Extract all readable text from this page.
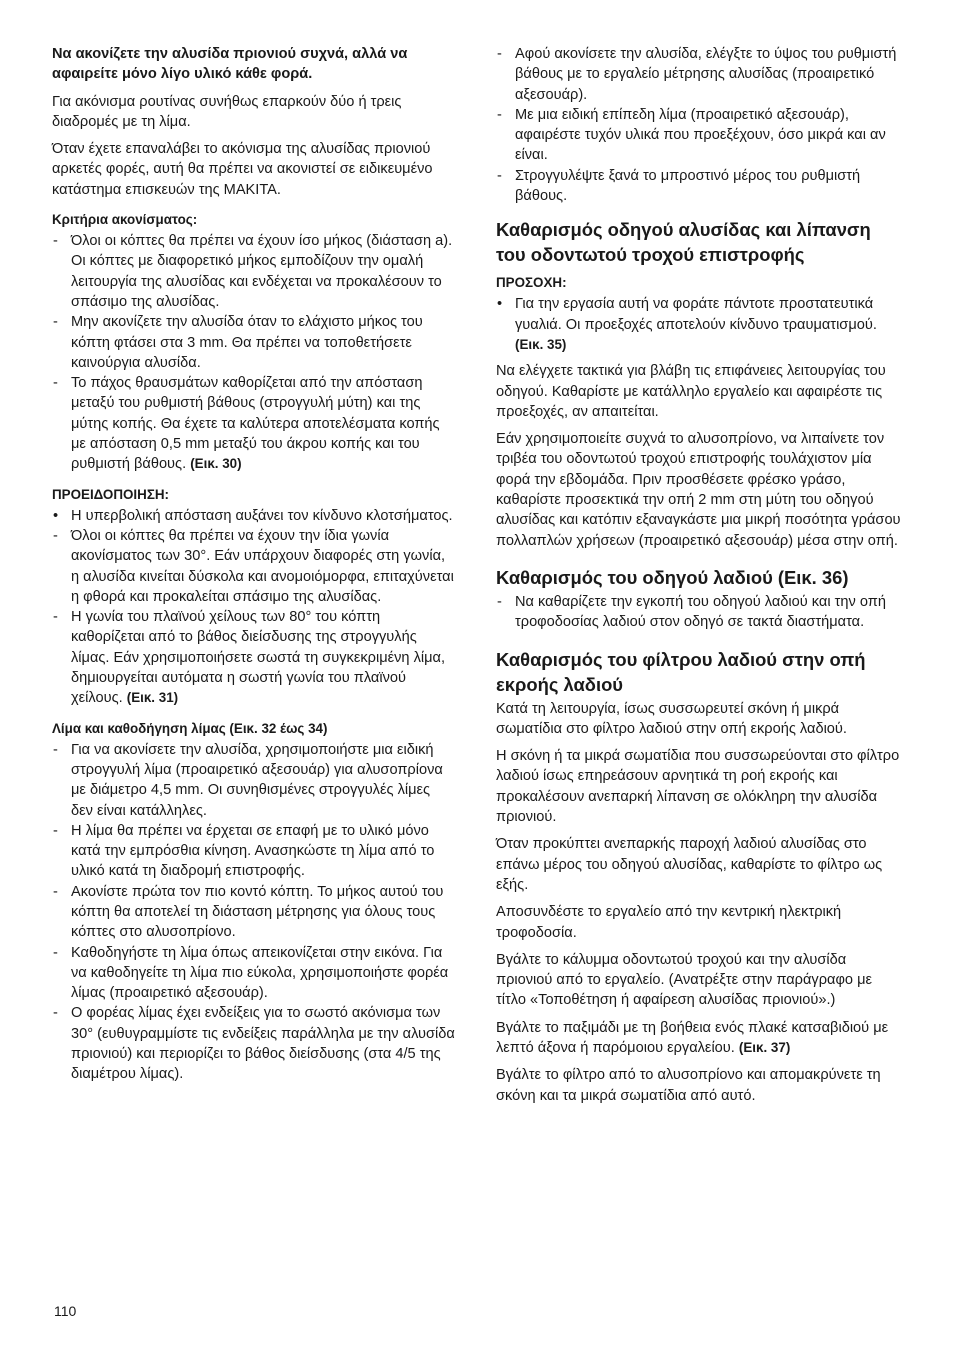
Να ακονίζετε την αλυσίδα πριονιού συχνά, αλλά να αφαιρείτε μόνο λίγο υλικό κάθε φορά.

Για ακόνισμα ρουτίνας συνήθως επαρκούν δύο ή τρεις διαδρομές με τη λίμα.

Όταν έχετε επαναλάβει το ακόνισμα της αλυσίδας πριονιού αρκετές φορές, αυτή θα πρέπει να ακονιστεί σε ειδικευμένο κατάστημα επισκευών της MAKITA.

Κριτήρια ακονίσματος:
- Όλοι οι κόπτες θα πρέπει να έχουν ίσο μήκος (διάσταση a). Οι κόπτες με διαφορετικό μήκος εμποδίζουν την ομαλή λειτουργία της αλυσίδας και ενδέχεται να προκαλέσουν το σπάσιμο της αλυσίδας.
- Μην ακονίζετε την αλυσίδα όταν το ελάχιστο μήκος του κόπτη φτάσει στα 3 mm. Θα πρέπει να τοποθετήσετε καινούργια αλυσίδα.
- Το πάχος θραυσμάτων καθορίζεται από την απόσταση μεταξύ του ρυθμιστή βάθους (στρογγυλή μύτη) και της μύτης κοπής. Θα έχετε τα καλύτερα αποτελέσματα κοπής με απόσταση 0,5 mm μεταξύ του άκρου κοπής και του ρυθμιστή βάθους. (Εικ. 30)
ΠΡΟΕΙΔΟΠΟΙΗΣΗ:
• Η υπερβολική απόσταση αυξάνει τον κίνδυνο κλοτσήματος.
- Όλοι οι κόπτες θα πρέπει να έχουν την ίδια γωνία ακονίσματος των 30°. Εάν υπάρχουν διαφορές στη γωνία, η αλυσίδα κινείται δύσκολα και ανομοιόμορφα, επιταχύνεται η φθορά και προκαλείται σπάσιμο της αλυσίδας.
- Η γωνία του πλαϊνού χείλους των 80° του κόπτη καθορίζεται από το βάθος διείσδυσης της στρογγυλής λίμας. Εάν χρησιμοποιήσετε σωστά τη συγκεκριμένη λίμα, δημιουργείται αυτόματα η σωστή γωνία του πλαϊνού χείλους. (Εικ. 31)
Λίμα και καθοδήγηση λίμας (Εικ. 32 έως 34)
- Για να ακονίσετε την αλυσίδα, χρησιμοποιήστε μια ειδική στρογγυλή λίμα (προαιρετικό αξεσουάρ) για αλυσοπρίονα με διάμετρο 4,5 mm. Οι συνηθισμένες στρογγυλές λίμες δεν είναι κατάλληλες.
- Η λίμα θα πρέπει να έρχεται σε επαφή με το υλικό μόνο κατά την εμπρόσθια κίνηση. Ανασηκώστε τη λίμα από το υλικό κατά τη διαδρομή επιστροφής.
- Ακονίστε πρώτα τον πιο κοντό κόπτη. Το μήκος αυτού του κόπτη θα αποτελεί τη διάσταση μέτρησης για όλους τους κόπτες στο αλυσοπρίονο.
- Καθοδηγήστε τη λίμα όπως απεικονίζεται στην εικόνα. Για να καθοδηγείτε τη λίμα πιο εύκολα, χρησιμοποιήστε φορέα λίμας (προαιρετικό αξεσουάρ).
- Ο φορέας λίμας έχει ενδείξεις για το σωστό ακόνισμα των 30° (ευθυγραμμίστε τις ενδείξεις παράλληλα με την αλυσίδα πριονιού) και περιορίζει το βάθος διείσδυσης (στα 4/5 της διαμέτρου λίμας).
- Αφού ακονίσετε την αλυσίδα, ελέγξτε το ύψος του ρυθμιστή βάθους με το εργαλείο μέτρησης αλυσίδας (προαιρετικό αξεσουάρ).
- Με μια ειδική επίπεδη λίμα (προαιρετικό αξεσουάρ), αφαιρέστε τυχόν υλικά που προεξέχουν, όσο μικρά και αν είναι.
- Στρογγυλέψτε ξανά το μπροστινό μέρος του ρυθμιστή βάθους.
Καθαρισμός οδηγού αλυσίδας και λίπανση του οδοντωτού τροχού επιστροφής
ΠΡΟΣΟΧΗ:
• Για την εργασία αυτή να φοράτε πάντοτε προστατευτικά γυαλιά. Οι προεξοχές αποτελούν κίνδυνο τραυματισμού. (Εικ. 35)

Να ελέγχετε τακτικά για βλάβη τις επιφάνειες λειτουργίας του οδηγού. Καθαρίστε με κατάλληλο εργαλείο και αφαιρέστε τις προεξοχές, αν απαιτείται.

Εάν χρησιμοποιείτε συχνά το αλυσοπρίονο, να λιπαίνετε τον τριβέα του οδοντωτού τροχού επιστροφής τουλάχιστον μία φορά την εβδομάδα. Πριν προσθέσετε φρέσκο γράσο, καθαρίστε προσεκτικά την οπή 2 mm στη μύτη του οδηγού αλυσίδας και κατόπιν εξαναγκάστε μια μικρή ποσότητα γράσου πολλαπλών χρήσεων (προαιρετικό αξεσουάρ) μέσα στην οπή.

Καθαρισμός του οδηγού λαδιού (Εικ. 36)
- Να καθαρίζετε την εγκοπή του οδηγού λαδιού και την οπή τροφοδοσίας λαδιού στον οδηγό σε τακτά διαστήματα.
Καθαρισμός του φίλτρου λαδιού στην οπή εκροής λαδιού

Κατά τη λειτουργία, ίσως συσσωρευτεί σκόνη ή μικρά σωματίδια στο φίλτρο λαδιού στην οπή εκροής λαδιού.

Η σκόνη ή τα μικρά σωματίδια που συσσωρεύονται στο φίλτρο λαδιού ίσως επηρεάσουν αρνητικά τη ροή εκροής και προκαλέσουν ανεπαρκή λίπανση σε ολόκληρη την αλυσίδα πριονιού.

Όταν προκύπτει ανεπαρκής παροχή λαδιού αλυσίδας στο επάνω μέρος του οδηγού αλυσίδας, καθαρίστε το φίλτρο ως εξής.

Αποσυνδέστε το εργαλείο από την κεντρική ηλεκτρική τροφοδοσία.

Βγάλτε το κάλυμμα οδοντωτού τροχού και την αλυσίδα πριονιού από το εργαλείο. (Ανατρέξτε στην παράγραφο με τίτλο «Τοποθέτηση ή αφαίρεση αλυσίδας πριονιού».)

Βγάλτε το παξιμάδι με τη βοήθεια ενός πλακέ κατσαβιδιού με λεπτό άξονα ή παρόμοιου εργαλείου. (Εικ. 37)

Βγάλτε το φίλτρο από το αλυσοπρίονο και απομακρύνετε τη σκόνη και τα μικρά σωματίδια από αυτό.

110
